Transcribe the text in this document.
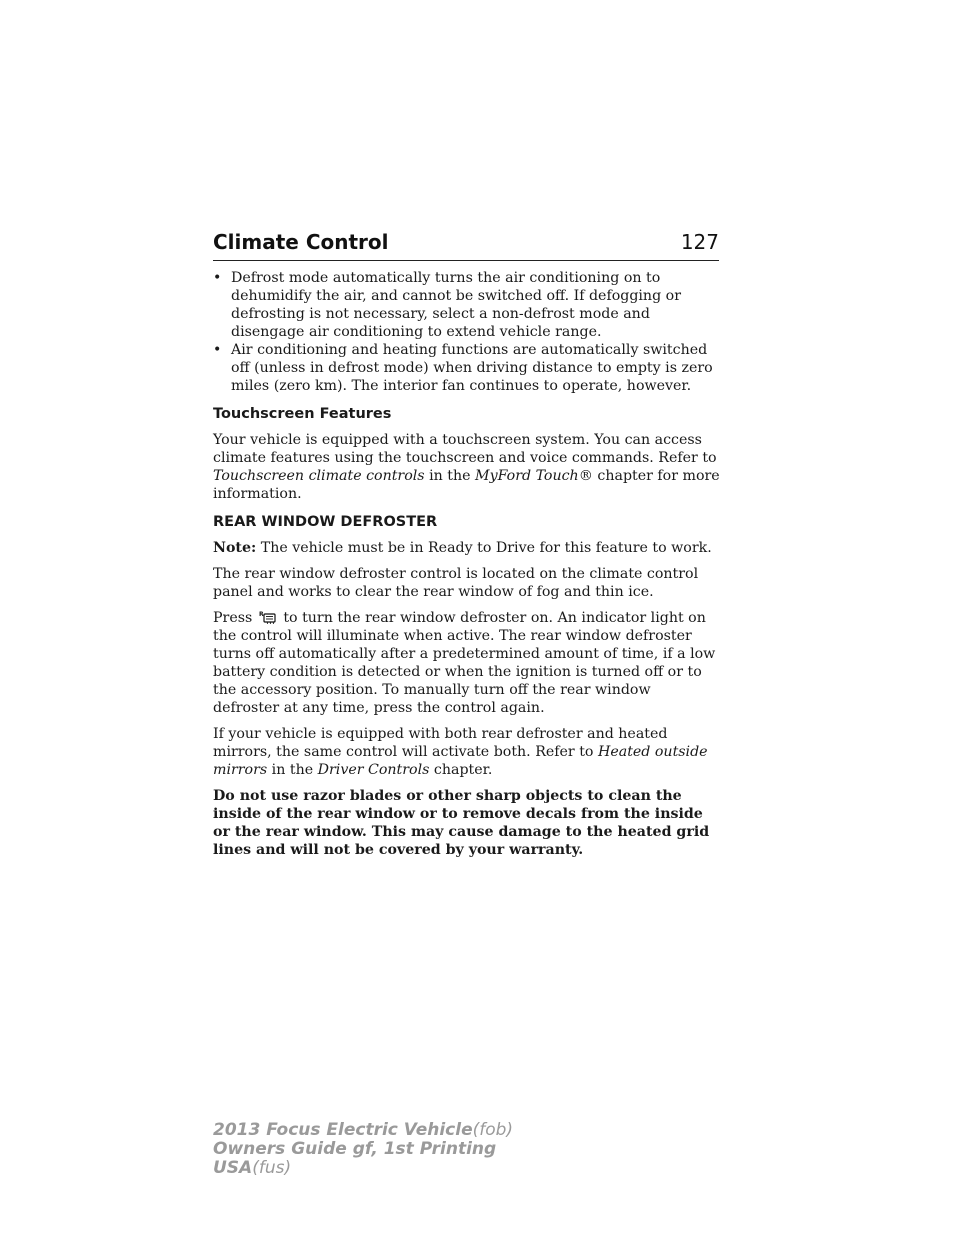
Climate Control	127
• Defrost mode automatically turns the air conditioning on to dehumidify the air, and cannot be switched off. If defogging or defrosting is not necessary, select a non-defrost mode and disengage air conditioning to extend vehicle range.
• Air conditioning and heating functions are automatically switched off (unless in defrost mode) when driving distance to empty is zero miles (zero km). The interior fan continues to operate, however.
Touchscreen Features
Your vehicle is equipped with a touchscreen system. You can access climate features using the touchscreen and voice commands. Refer to Touchscreen climate controls in the MyFord Touch® chapter for more information.
REAR WINDOW DEFROSTER
Note: The vehicle must be in Ready to Drive for this feature to work.
The rear window defroster control is located on the climate control panel and works to clear the rear window of fog and thin ice.
Press R to turn the rear window defroster on. An indicator light on the control will illuminate when active. The rear window defroster turns off automatically after a predetermined amount of time, if a low battery condition is detected or when the ignition is turned off or to the accessory position. To manually turn off the rear window defroster at any time, press the control again.
If your vehicle is equipped with both rear defroster and heated mirrors, the same control will activate both. Refer to Heated outside mirrors in the Driver Controls chapter.
Do not use razor blades or other sharp objects to clean the inside of the rear window or to remove decals from the inside or the rear window. This may cause damage to the heated grid lines and will not be covered by your warranty.
2013 Focus Electric Vehicle(fob)
Owners Guide gf, 1st Printing
USA(fus)
